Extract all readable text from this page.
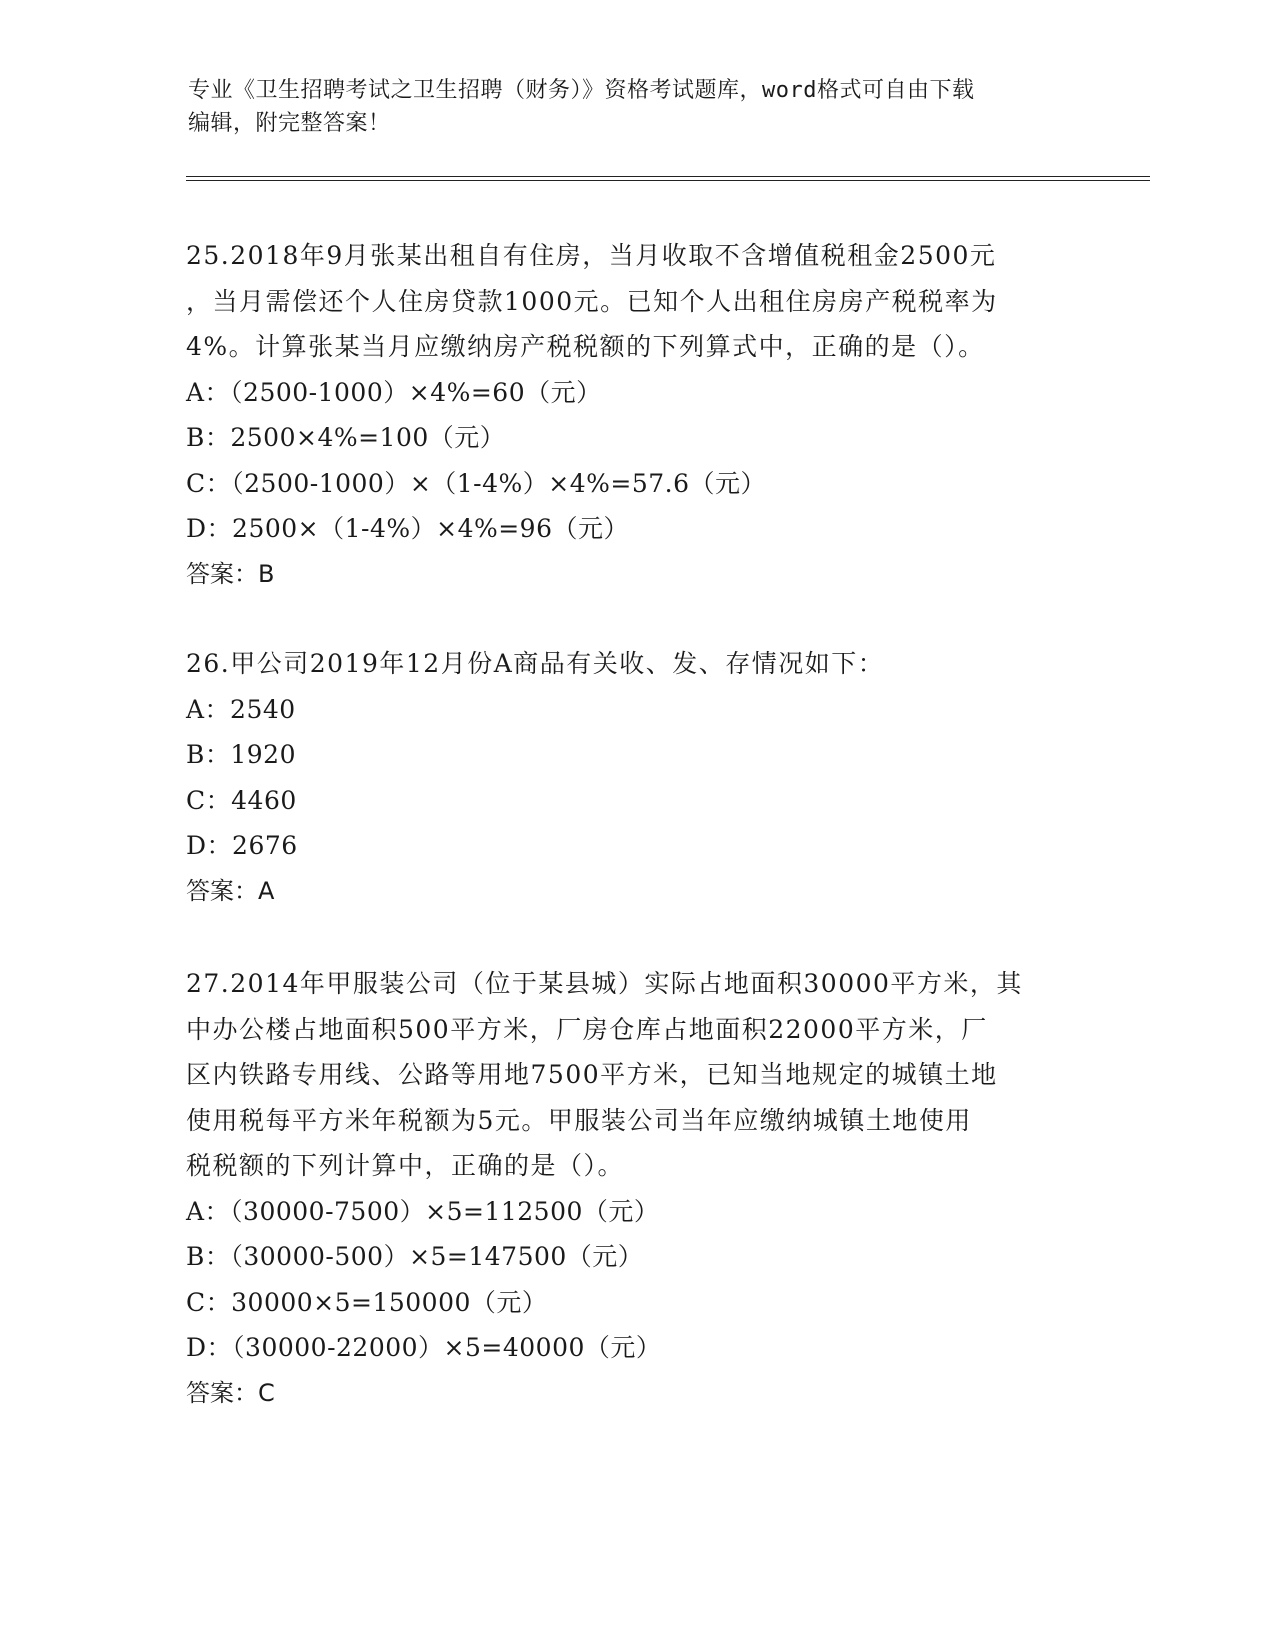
专业《卫生招聘考试之卫生招聘（财务）》资格考试题库，word格式可自由下载
编辑，附完整答案！

25.2018年9月张某出租自有住房，当月收取不含增值税租金2500元
，当月需偿还个人住房贷款1000元。已知个人出租住房房产税税率为
4%。计算张某当月应缴纳房产税税额的下列算式中，正确的是（）。

A：（2500-1000）×4%=60（元）

B：2500×4%=100（元）

C：（2500-1000）×（1-4%）×4%=57.6（元）

D：2500×（1-4%）×4%=96（元）

答案：B

26.甲公司2019年12月份A商品有关收、发、存情况如下：

A：2540

B：1920

C：4460

D：2676

答案：A

27.2014年甲服装公司（位于某县城）实际占地面积30000平方米，其
中办公楼占地面积500平方米，厂房仓库占地面积22000平方米，厂
区内铁路专用线、公路等用地7500平方米，已知当地规定的城镇土地
使用税每平方米年税额为5元。甲服装公司当年应缴纳城镇土地使用
税税额的下列计算中，正确的是（）。

A：（30000-7500）×5=112500（元）

B：（30000-500）×5=147500（元）

C：30000×5=150000（元）

D：（30000-22000）×5=40000（元）

答案：C
